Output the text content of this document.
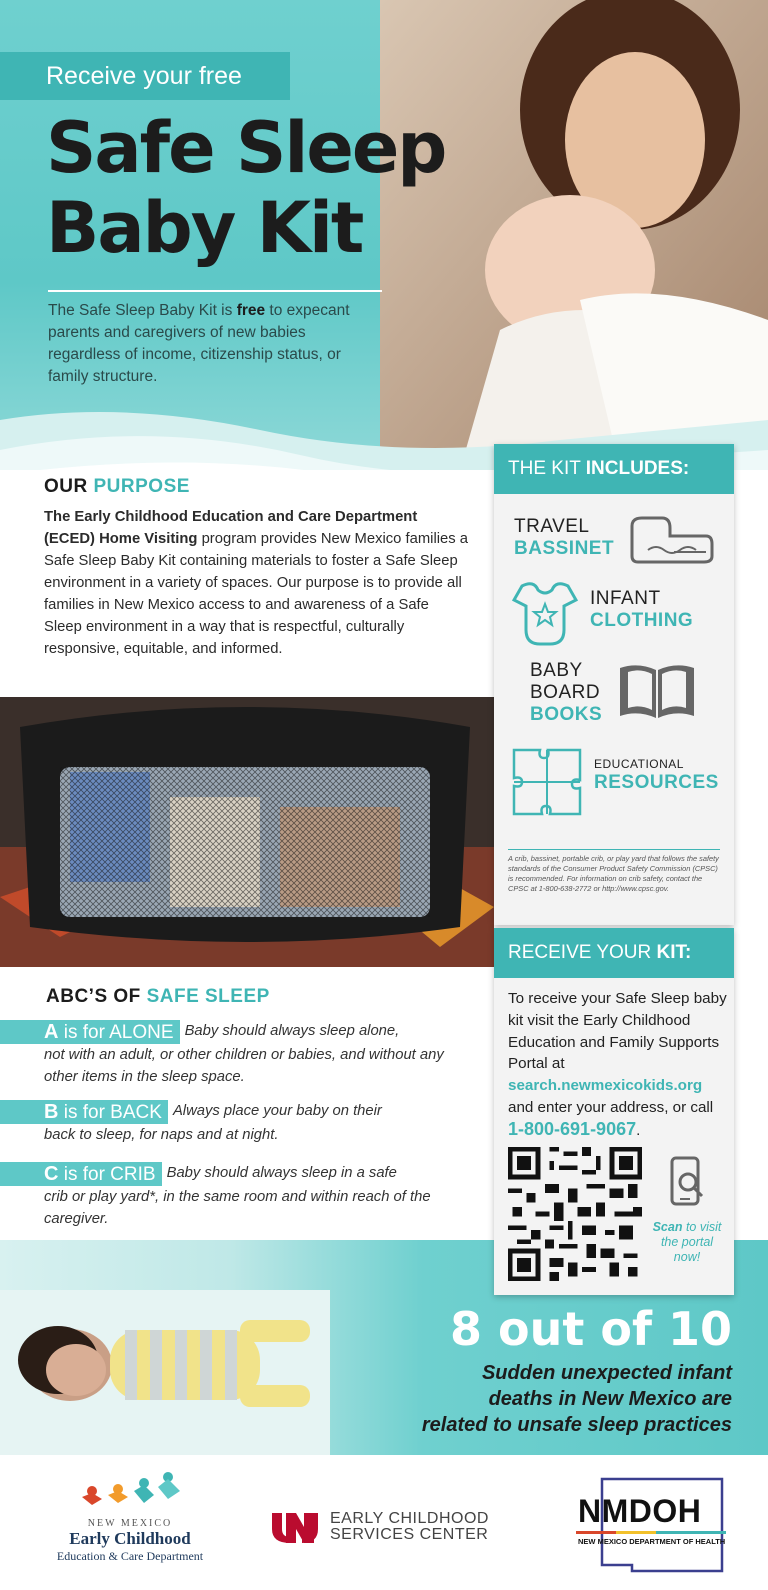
Receive your free
Safe Sleep
Baby Kit

The Safe Sleep Baby Kit is free to expecant parents and caregivers of new babies regardless of income, citizenship status, or family structure.

OUR PURPOSE

The Early Childhood Education and Care Department (ECED) Home Visiting program provides New Mexico families a Safe Sleep Baby Kit containing materials to foster a Safe Sleep environment in a variety of spaces. Our purpose is to provide all families in New Mexico access to and awareness of a Safe Sleep environment in a way that is respectful, culturally responsive, equitable, and informed.

THE KIT INCLUDES:
TRAVEL
BASSINET
INFANT
CLOTHING
BABY
BOARD
BOOKS
EDUCATIONAL
RESOURCES

A crib, bassinet, portable crib, or play yard that follows the safety standards of the Consumer Product Safety Commission (CPSC) is recommended. For information on crib safety, contact the CPSC at 1-800-638-2772 or http://www.cpsc.gov.

ABC’S OF SAFE SLEEP
A is for ALONE Baby should always sleep alone,
not with an adult, or other children or babies, and without any other items in the sleep space.
B is for BACK Always place your baby on their
back to sleep, for naps and at night.
C is for CRIB Baby should always sleep in a safe
crib or play yard*, in the same room and within reach of the caregiver.
RECEIVE YOUR KIT:

To receive your Safe Sleep baby kit visit the Early Childhood Education and Family Supports Portal at search.newmexicokids.org and enter your address, or call 1-800-691-9067.

Scan to visit the portal now!

8 out of 10
Sudden unexpected infant
deaths in New Mexico are
related to unsafe sleep practices
NEW MEXICO
Early Childhood
Education & Care Department
EARLY CHILDHOOD
SERVICES CENTER
NMDOH
NEW MEXICO DEPARTMENT OF HEALTH
